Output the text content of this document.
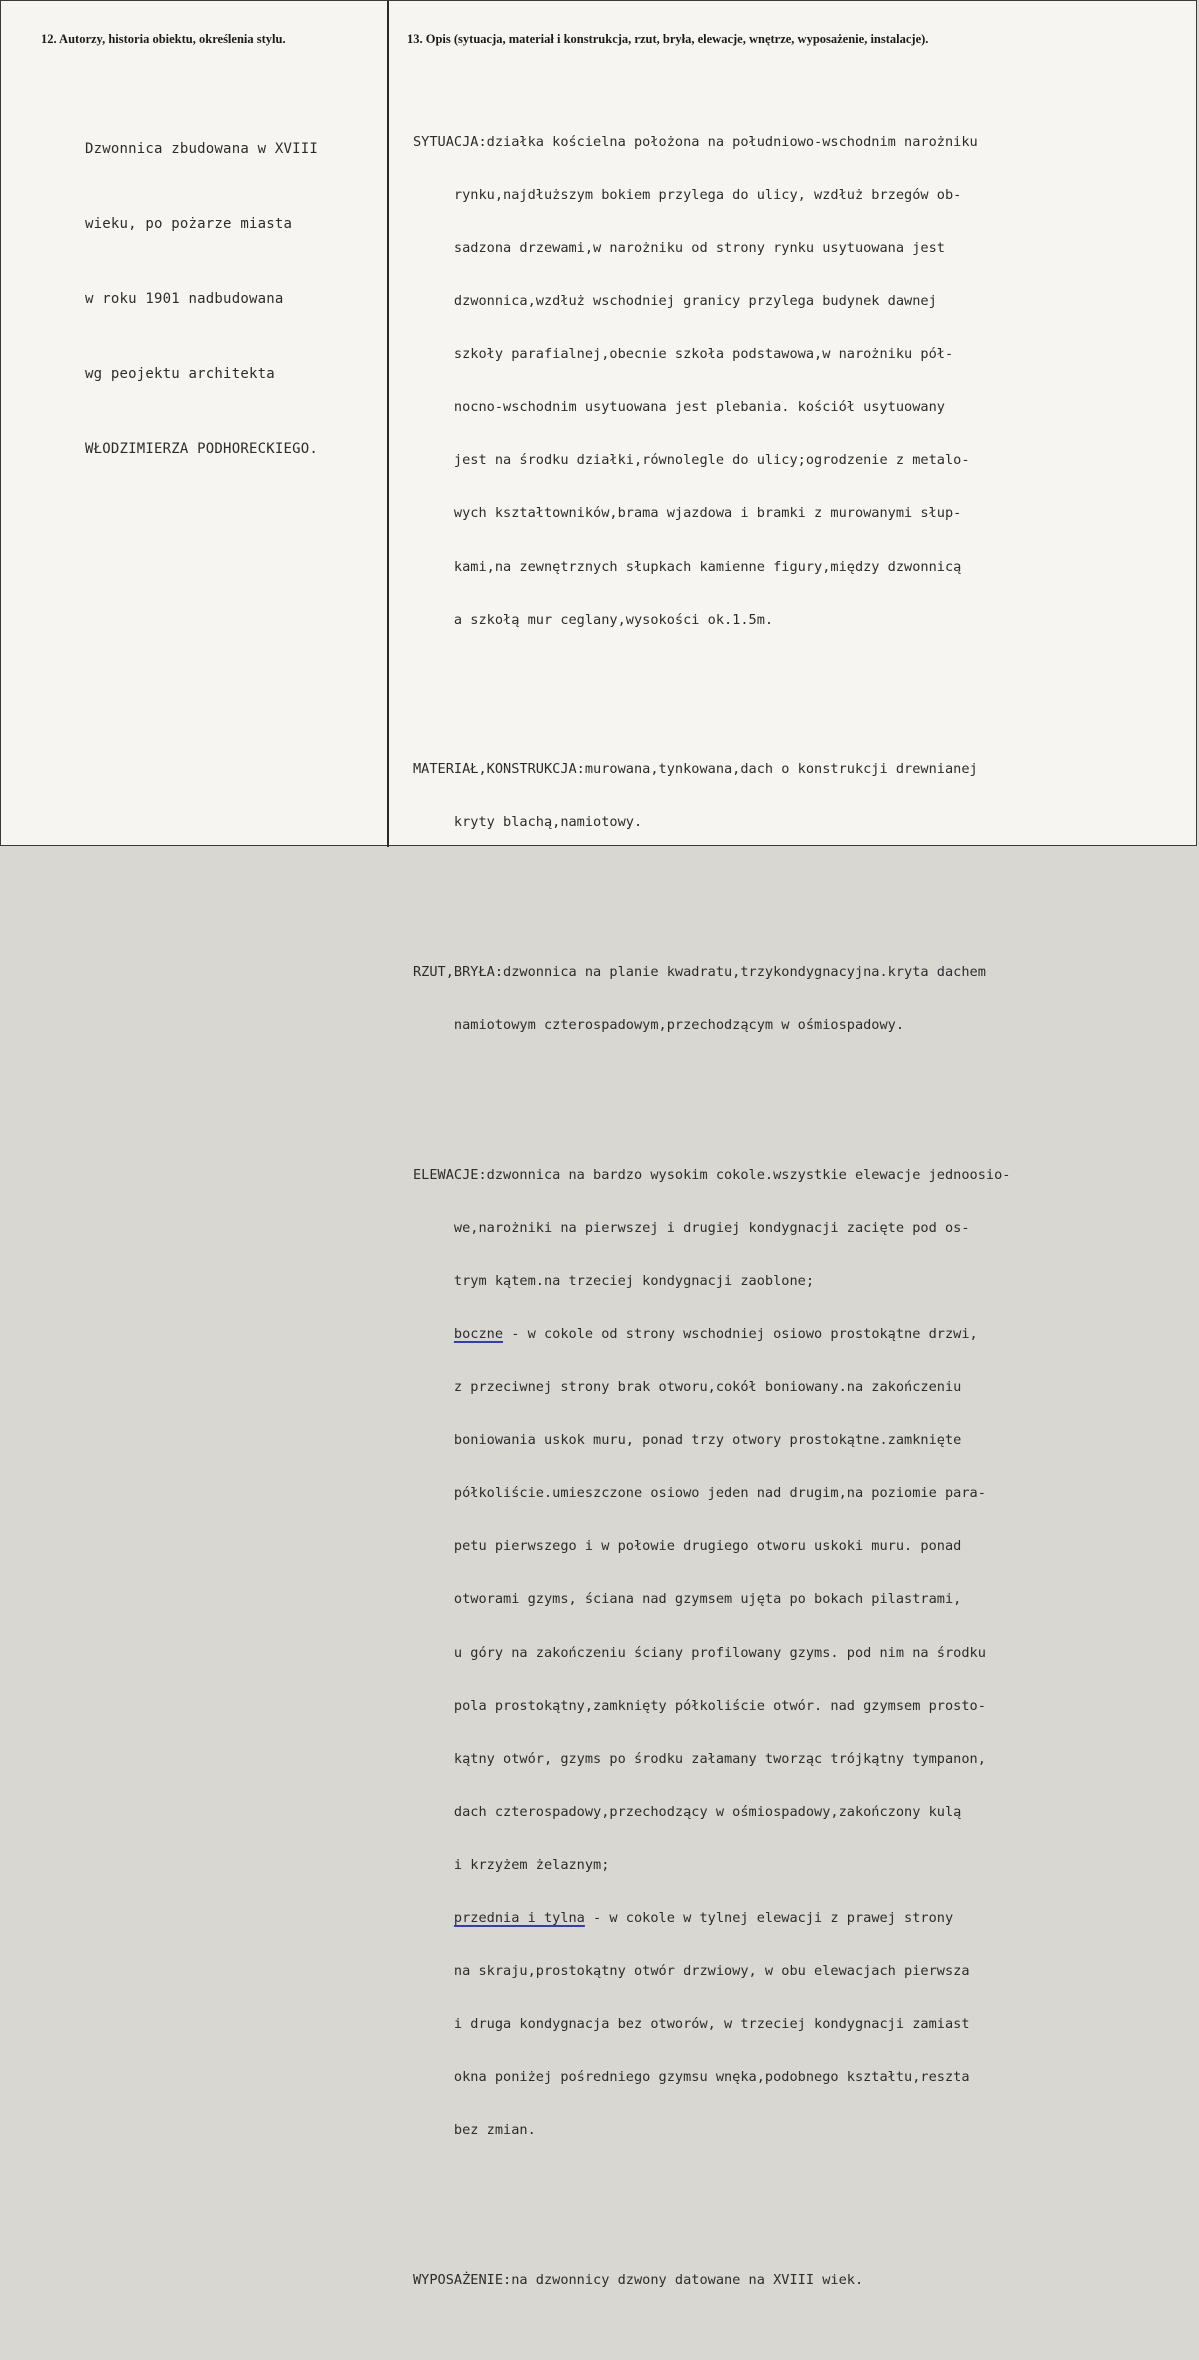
12. Autorzy, historia obiektu, określenia stylu.	13. Opis (sytuacja, materiał i konstrukcja, rzut, bryła, elewacje, wnętrze, wyposażenie, instalacje).

Dzwonnica zbudowana w XVIII

wieku, po pożarze miasta

w roku 1901 nadbudowana

wg peojektu architekta

WŁODZIMIERZA PODHORECKIEGO.

SYTUACJA:działka kościelna położona na południowo-wschodnim narożniku

rynku,najdłuższym bokiem przylega do ulicy, wzdłuż brzegów ob-

sadzona drzewami,w narożniku od strony rynku usytuowana jest

dzwonnica,wzdłuż wschodniej granicy przylega budynek dawnej

szkoły parafialnej,obecnie szkoła podstawowa,w narożniku pół-

nocno-wschodnim usytuowana jest plebania. kościół usytuowany

jest na środku działki,równolegle do ulicy;ogrodzenie z metalo-

wych kształtowników,brama wjazdowa i bramki z murowanymi słup-

kami,na zewnętrznych słupkach kamienne figury,między dzwonnicą

a szkołą mur ceglany,wysokości ok.1.5m.

MATERIAŁ,KONSTRUKCJA:murowana,tynkowana,dach o konstrukcji drewnianej

kryty blachą,namiotowy.

RZUT,BRYŁA:dzwonnica na planie kwadratu,trzykondygnacyjna.kryta dachem

namiotowym czterospadowym,przechodzącym w ośmiospadowy.

ELEWACJE:dzwonnica na bardzo wysokim cokole.wszystkie elewacje jednoosio-

we,narożniki na pierwszej i drugiej kondygnacji zacięte pod os-

trym kątem.na trzeciej kondygnacji zaoblone;

boczne - w cokole od strony wschodniej osiowo prostokątne drzwi,

z przeciwnej strony brak otworu,cokół boniowany.na zakończeniu

boniowania uskok muru, ponad trzy otwory prostokątne.zamknięte

półkoliście.umieszczone osiowo jeden nad drugim,na poziomie para-

petu pierwszego i w połowie drugiego otworu uskoki muru. ponad

otworami gzyms, ściana nad gzymsem ujęta po bokach pilastrami,

u góry na zakończeniu ściany profilowany gzyms. pod nim na środku

pola prostokątny,zamknięty półkoliście otwór. nad gzymsem prosto-

kątny otwór, gzyms po środku załamany tworząc trójkątny tympanon,

dach czterospadowy,przechodzący w ośmiospadowy,zakończony kulą

i krzyżem żelaznym;

przednia i tylna - w cokole w tylnej elewacji z prawej strony

na skraju,prostokątny otwór drzwiowy, w obu elewacjach pierwsza

i druga kondygnacja bez otworów, w trzeciej kondygnacji zamiast

okna poniżej pośredniego gzymsu wnęka,podobnego kształtu,reszta

bez zmian.

WYPOSAŻENIE:na dzwonnicy dzwony datowane na XVIII wiek.
